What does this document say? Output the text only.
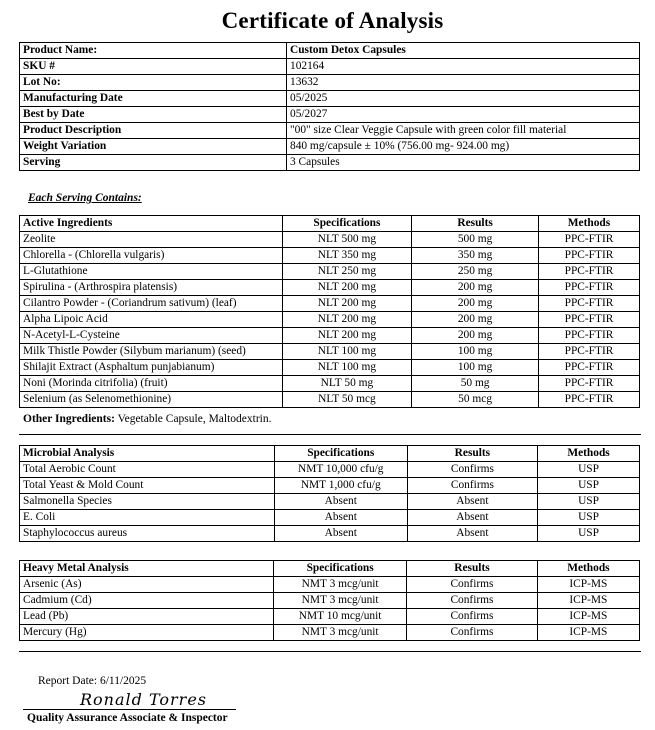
Certificate of Analysis
Product Name:	Custom Detox Capsules
SKU #	102164
Lot No:	13632
Manufacturing Date	05/2025
Best by Date	05/2027
Product Description	"00" size Clear Veggie Capsule with green color fill material
Weight Variation	840 mg/capsule ± 10% (756.00 mg- 924.00 mg)
Serving	3 Capsules
Each Serving Contains:
Active Ingredients	Specifications	Results	Methods
Zeolite	NLT 500 mg	500 mg	PPC-FTIR
Chlorella - (Chlorella vulgaris)	NLT 350 mg	350 mg	PPC-FTIR
L-Glutathione	NLT 250 mg	250 mg	PPC-FTIR
Spirulina - (Arthrospira platensis)	NLT 200 mg	200 mg	PPC-FTIR
Cilantro Powder - (Coriandrum sativum) (leaf)	NLT 200 mg	200 mg	PPC-FTIR
Alpha Lipoic Acid	NLT 200 mg	200 mg	PPC-FTIR
N-Acetyl-L-Cysteine	NLT 200 mg	200 mg	PPC-FTIR
Milk Thistle Powder (Silybum marianum) (seed)	NLT 100 mg	100 mg	PPC-FTIR
Shilajit Extract (Asphaltum punjabianum)	NLT 100 mg	100 mg	PPC-FTIR
Noni (Morinda citrifolia) (fruit)	NLT 50 mg	50 mg	PPC-FTIR
Selenium (as Selenomethionine)	NLT 50 mcg	50 mcg	PPC-FTIR
Other Ingredients: Vegetable Capsule, Maltodextrin.
Microbial Analysis	Specifications	Results	Methods
Total Aerobic Count	NMT 10,000 cfu/g	Confirms	USP
Total Yeast & Mold Count	NMT 1,000 cfu/g	Confirms	USP
Salmonella Species	Absent	Absent	USP
E. Coli	Absent	Absent	USP
Staphylococcus aureus	Absent	Absent	USP
Heavy Metal Analysis	Specifications	Results	Methods
Arsenic (As)	NMT 3 mcg/unit	Confirms	ICP-MS
Cadmium (Cd)	NMT 3 mcg/unit	Confirms	ICP-MS
Lead (Pb)	NMT 10 mcg/unit	Confirms	ICP-MS
Mercury (Hg)	NMT 3 mcg/unit	Confirms	ICP-MS
Report Date: 6/11/2025
Ronald Torres
Quality Assurance Associate & Inspector
